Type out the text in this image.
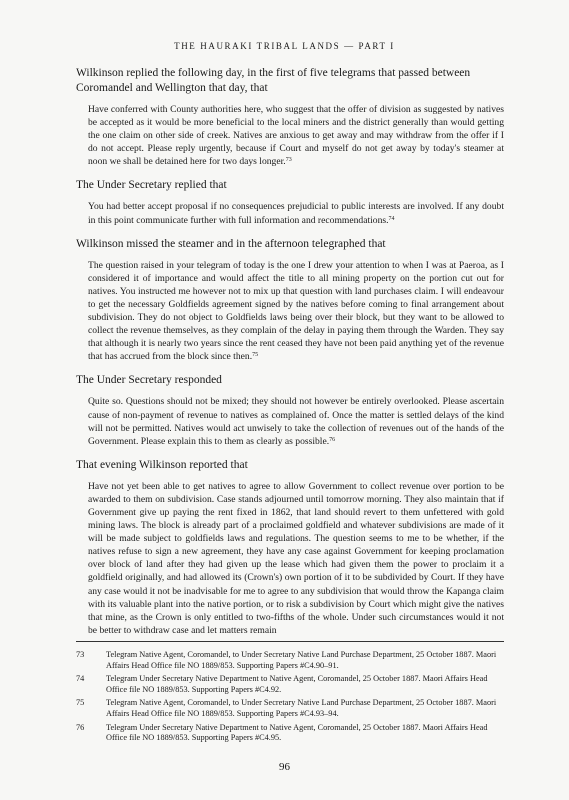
THE HAURAKI TRIBAL LANDS — PART I

Wilkinson replied the following day, in the first of five telegrams that passed between Coromandel and Wellington that day, that

Have conferred with County authorities here, who suggest that the offer of division as suggested by natives be accepted as it would be more beneficial to the local miners and the district generally than would getting the one claim on other side of creek. Natives are anxious to get away and may withdraw from the offer if I do not accept. Please reply urgently, because if Court and myself do not get away by today's steamer at noon we shall be detained here for two days longer.$^{73}$

The Under Secretary replied that

You had better accept proposal if no consequences prejudicial to public interests are involved. If any doubt in this point communicate further with full information and recommendations.$^{74}$

Wilkinson missed the steamer and in the afternoon telegraphed that

The question raised in your telegram of today is the one I drew your attention to when I was at Paeroa, as I considered it of importance and would affect the title to all mining property on the portion cut out for natives. You instructed me however not to mix up that question with land purchases claim. I will endeavour to get the necessary Goldfields agreement signed by the natives before coming to final arrangement about subdivision. They do not object to Goldfields laws being over their block, but they want to be allowed to collect the revenue themselves, as they complain of the delay in paying them through the Warden. They say that although it is nearly two years since the rent ceased they have not been paid anything yet of the revenue that has accrued from the block since then.$^{75}$

The Under Secretary responded

Quite so. Questions should not be mixed; they should not however be entirely overlooked. Please ascertain cause of non-payment of revenue to natives as complained of. Once the matter is settled delays of the kind will not be permitted. Natives would act unwisely to take the collection of revenues out of the hands of the Government. Please explain this to them as clearly as possible.$^{76}$

That evening Wilkinson reported that

Have not yet been able to get natives to agree to allow Government to collect revenue over portion to be awarded to them on subdivision. Case stands adjourned until tomorrow morning. They also maintain that if Government give up paying the rent fixed in 1862, that land should revert to them unfettered with gold mining laws. The block is already part of a proclaimed goldfield and whatever subdivisions are made of it will be made subject to goldfields laws and regulations. The question seems to me to be whether, if the natives refuse to sign a new agreement, they have any case against Government for keeping proclamation over block of land after they had given up the lease which had given them the power to proclaim it a goldfield originally, and had allowed its (Crown's) own portion of it to be subdivided by Court. If they have any case would it not be inadvisable for me to agree to any subdivision that would throw the Kapanga claim with its valuable plant into the native portion, or to risk a subdivision by Court which might give the natives that mine, as the Crown is only entitled to two-fifths of the whole. Under such circumstances would it not be better to withdraw case and let matters remain

73	Telegram Native Agent, Coromandel, to Under Secretary Native Land Purchase Department, 25 October 1887. Maori Affairs Head Office file NO 1889/853. Supporting Papers #C4.90–91.
74	Telegram Under Secretary Native Department to Native Agent, Coromandel, 25 October 1887. Maori Affairs Head Office file NO 1889/853. Supporting Papers #C4.92.
75	Telegram Native Agent, Coromandel, to Under Secretary Native Land Purchase Department, 25 October 1887. Maori Affairs Head Office file NO 1889/853. Supporting Papers #C4.93–94.
76	Telegram Under Secretary Native Department to Native Agent, Coromandel, 25 October 1887. Maori Affairs Head Office file NO 1889/853. Supporting Papers #C4.95.
96
